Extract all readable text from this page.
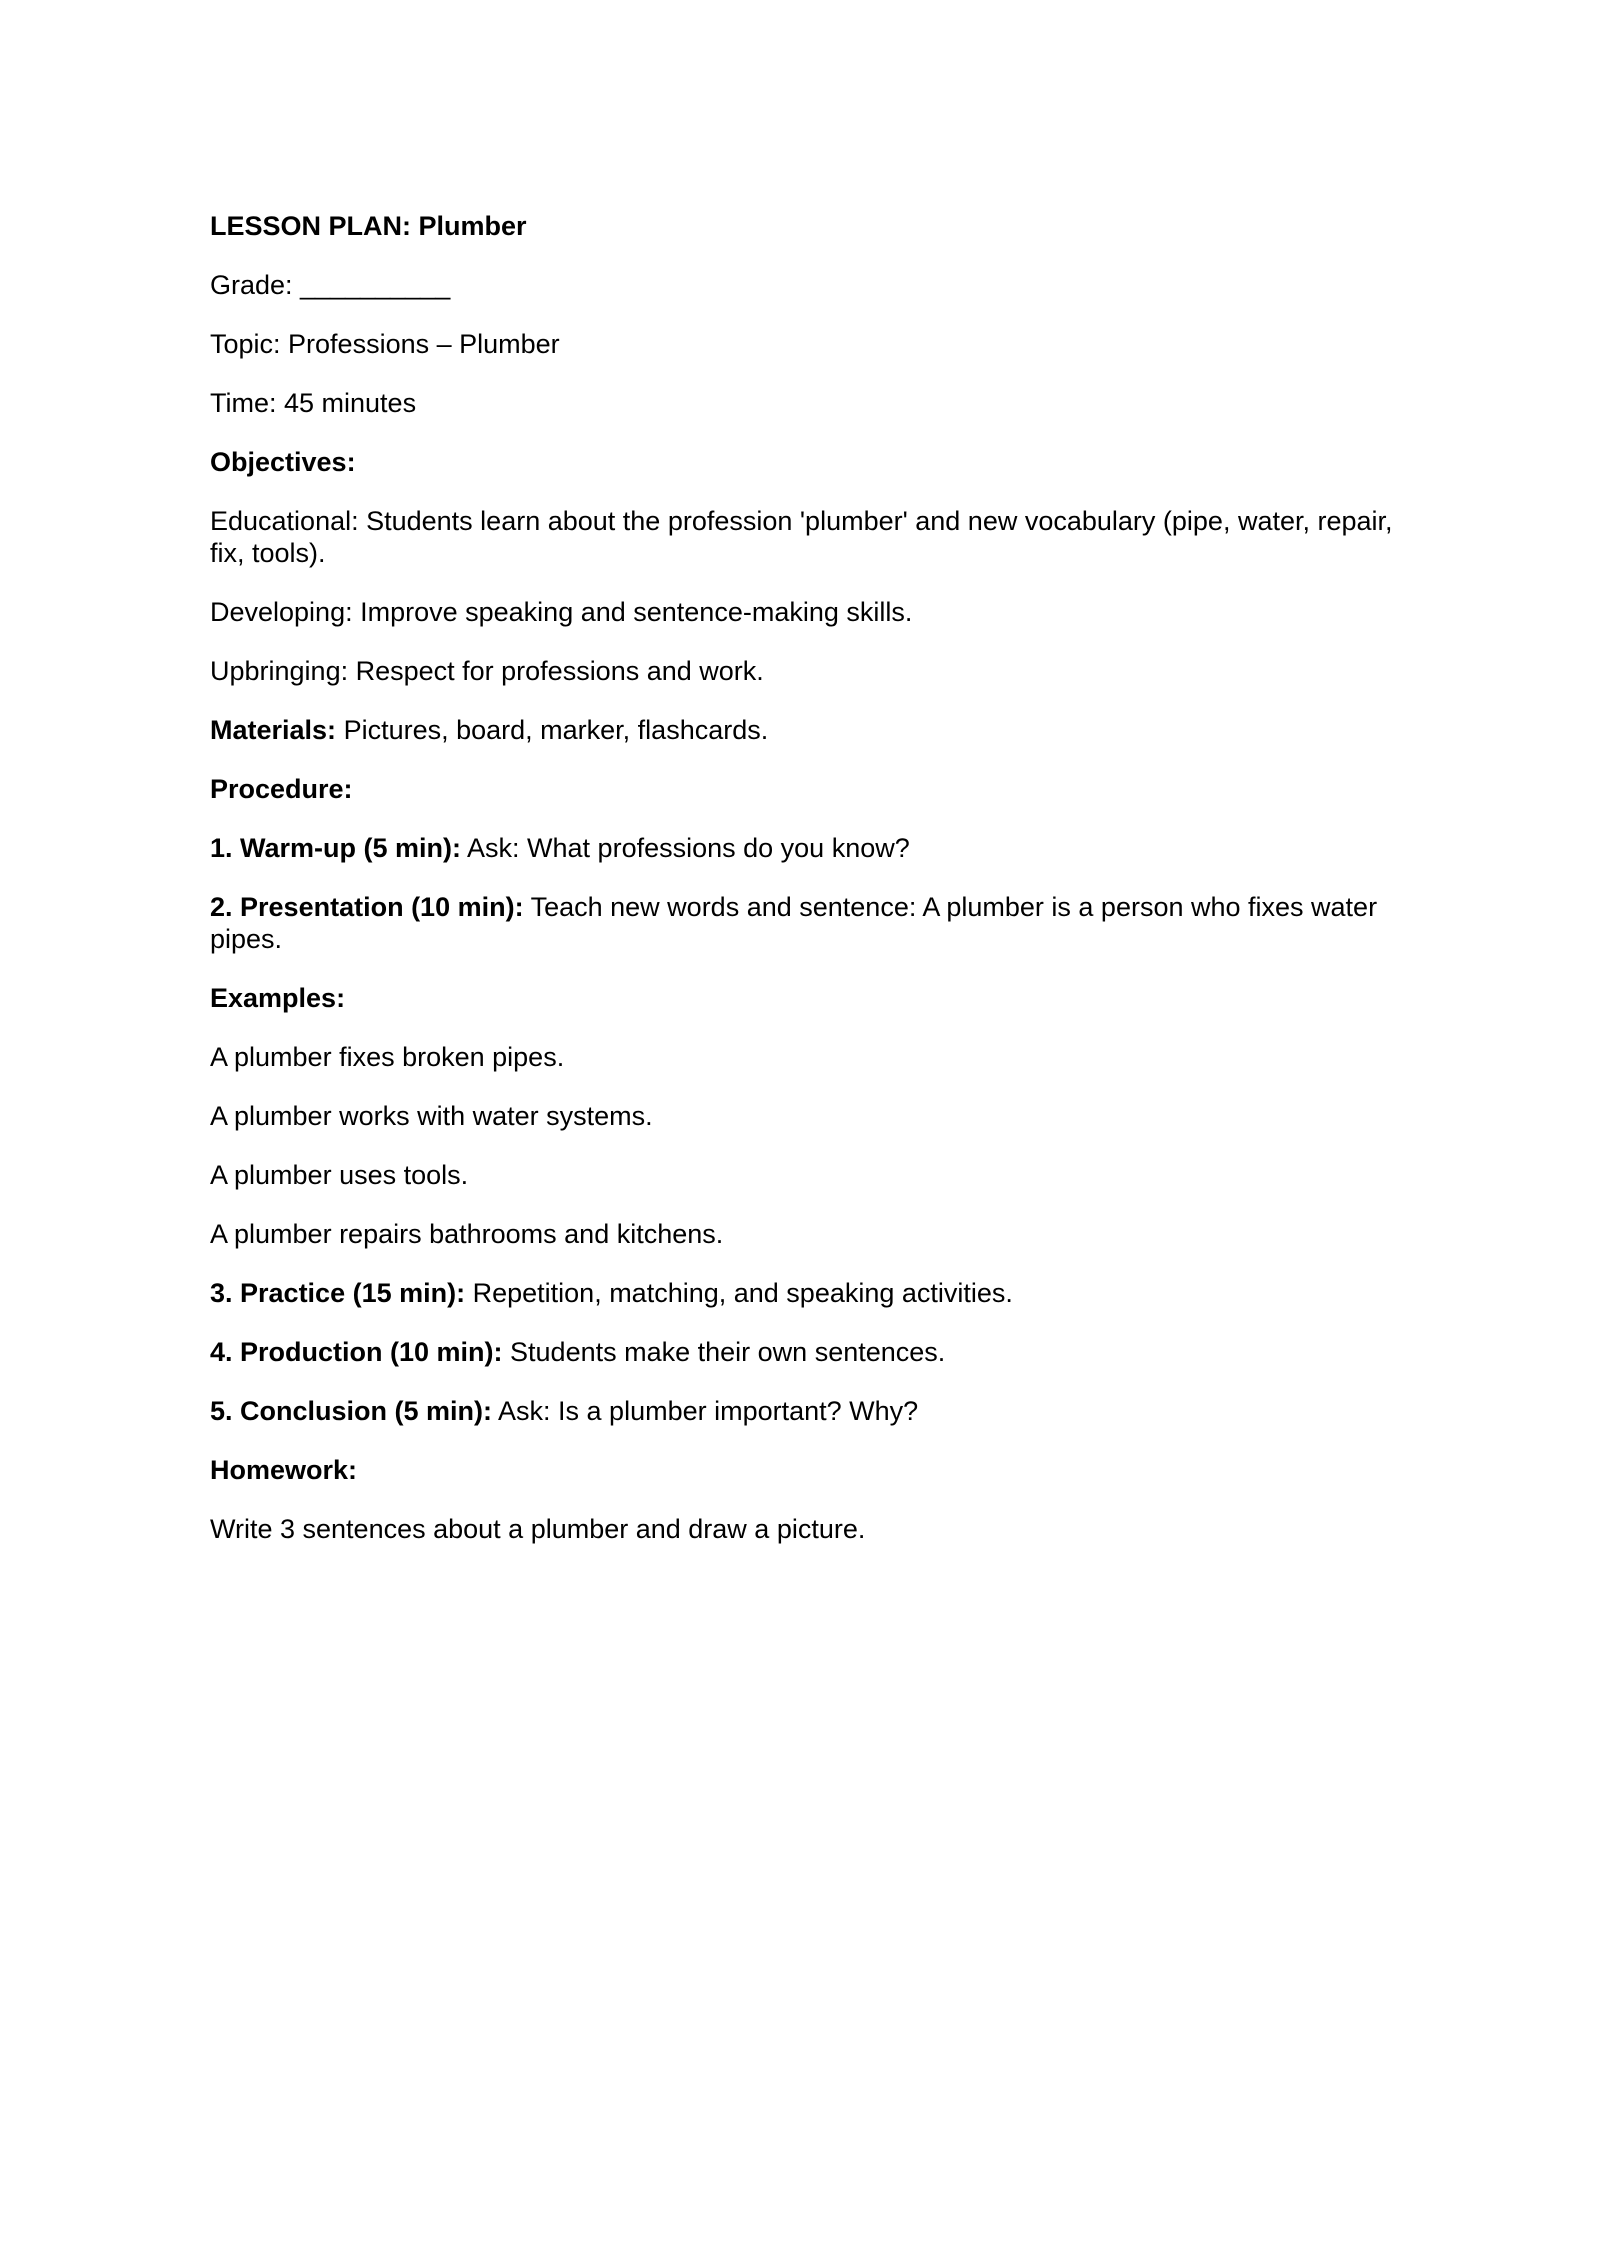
LESSON PLAN: Plumber

Grade: __________

Topic: Professions – Plumber

Time: 45 minutes

Objectives:

Educational: Students learn about the profession 'plumber' and new vocabulary (pipe, water, repair, fix, tools).

Developing: Improve speaking and sentence-making skills.

Upbringing: Respect for professions and work.

Materials: Pictures, board, marker, flashcards.

Procedure:

1. Warm-up (5 min): Ask: What professions do you know?

2. Presentation (10 min): Teach new words and sentence: A plumber is a person who fixes water pipes.

Examples:

A plumber fixes broken pipes.

A plumber works with water systems.

A plumber uses tools.

A plumber repairs bathrooms and kitchens.

3. Practice (15 min): Repetition, matching, and speaking activities.

4. Production (10 min): Students make their own sentences.

5. Conclusion (5 min): Ask: Is a plumber important? Why?

Homework:

Write 3 sentences about a plumber and draw a picture.
